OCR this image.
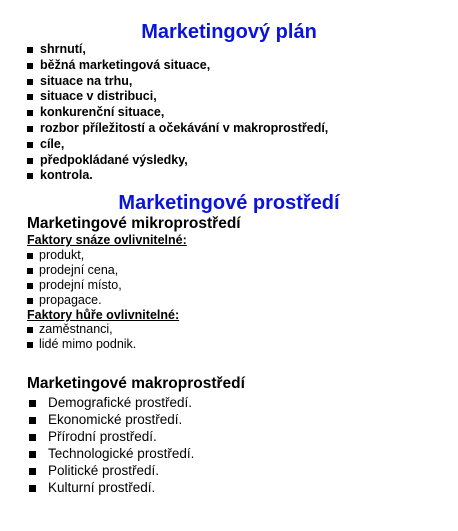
Marketingový plán
shrnutí,
běžná marketingová situace,
situace na trhu,
situace v distribuci,
konkurenční situace,
rozbor příležitostí a očekávání v makroprostředí,
cíle,
předpokládané výsledky,
kontrola.
Marketingové prostředí
Marketingové mikroprostředí
Faktory snáze ovlivnitelné:
produkt,
prodejní cena,
prodejní místo,
propagace.
Faktory hůře ovlivnitelné:
zaměstnanci,
lidé mimo podnik.
Marketingové makroprostředí
Demografické prostředí.
Ekonomické prostředí.
Přírodní prostředí.
Technologické prostředí.
Politické prostředí.
Kulturní prostředí.
